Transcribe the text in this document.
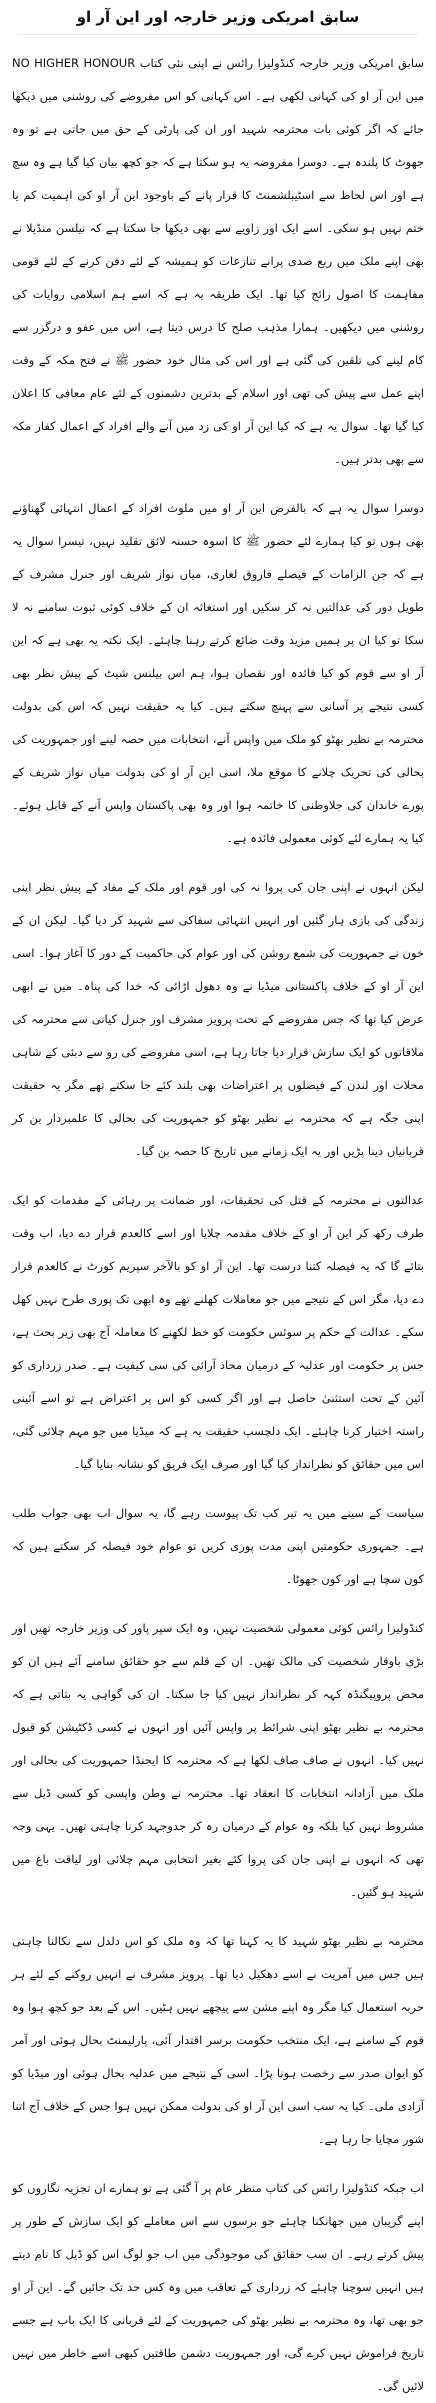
سابق امریکی وزیر خارجہ اور این آر او

سابق امریکی وزیر خارجہ کنڈولیزا رائس نے اپنی نئی کتاب NO HIGHER HONOUR میں این آر او کی کہانی لکھی ہے۔ اس کہانی کو اس مفروضے کی روشنی میں دیکھا جائے کہ اگر کوئی بات محترمہ شہید اور ان کی پارٹی کے حق میں جاتی ہے تو وہ جھوٹ کا پلندہ ہے۔ دوسرا مفروضہ یہ ہو سکتا ہے کہ جو کچھ بیان کیا گیا ہے وہ سچ ہے اور اس لحاظ سے اسٹیبلشمنٹ کا قرار پانے کے باوجود این آر او کی اہمیت کم یا ختم نہیں ہو سکی۔ اسے ایک اور زاویے سے بھی دیکھا جا سکتا ہے کہ نیلسن منڈیلا نے بھی اپنے ملک میں ربع صدی پرانے تنازعات کو ہمیشہ کے لئے دفن کرنے کے لئے قومی مفاہمت کا اصول رائج کیا تھا۔ ایک طریقہ یہ ہے کہ اسے ہم اسلامی روایات کی روشنی میں دیکھیں۔ ہمارا مذہب صلح کا درس دیتا ہے، اس میں عفو و درگزر سے کام لینے کی تلقین کی گئی ہے اور اس کی مثال خود حضور ﷺ نے فتح مکہ کے وقت اپنے عمل سے پیش کی تھی اور اسلام کے بدترین دشمنوں کے لئے عام معافی کا اعلان کیا گیا تھا۔ سوال یہ ہے کہ کیا این آر او کی زد میں آنے والے افراد کے اعمال کفار مکہ سے بھی بدتر ہیں۔

دوسرا سوال یہ ہے کہ بالفرض این آر او میں ملوث افراد کے اعمال انتہائی گھناؤنے بھی ہوں تو کیا ہمارے لئے حضور ﷺ کا اسوہ حسنہ لائق تقلید نہیں، تیسرا سوال یہ ہے کہ جن الزامات کے فیصلے فاروق لغاری، میاں نواز شریف اور جنرل مشرف کے طویل دور کی عدالتیں نہ کر سکیں اور استغاثہ ان کے خلاف کوئی ثبوت سامنے نہ لا سکا تو کیا ان پر ہمیں مزید وقت ضائع کرتے رہنا چاہئے۔ ایک نکتہ یہ بھی ہے کہ این آر او سے قوم کو کیا فائدہ اور نقصان ہوا، ہم اس بیلنس شیٹ کے پیش نظر بھی کسی نتیجے پر آسانی سے پہنچ سکتے ہیں۔ کیا یہ حقیقت نہیں کہ اس کی بدولت محترمہ بے نظیر بھٹو کو ملک میں واپس آنے، انتخابات میں حصہ لینے اور جمہوریت کی بحالی کی تحریک چلانے کا موقع ملا، اسی این آر او کی بدولت میاں نواز شریف کے پورے خاندان کی جلاوطنی کا خاتمہ ہوا اور وہ بھی پاکستان واپس آنے کے قابل ہوئے۔ کیا یہ ہمارے لئے کوئی معمولی فائدہ ہے۔

لیکن انہوں نے اپنی جان کی پروا نہ کی اور قوم اور ملک کے مفاد کے پیش نظر اپنی زندگی کی بازی ہار گئیں اور انہیں انتہائی سفاکی سے شہید کر دیا گیا۔ لیکن ان کے خون نے جمہوریت کی شمع روشن کی اور عوام کی حاکمیت کے دور کا آغاز ہوا۔ اسی این آر او کے خلاف پاکستانی میڈیا نے وہ دھول اڑائی کہ خدا کی پناہ۔ میں نے ابھی عرض کیا تھا کہ جس مفروضے کے تحت پرویز مشرف اور جنرل کیانی سے محترمہ کی ملاقاتوں کو ایک سازش قرار دیا جاتا رہا ہے، اسی مفروضے کی رو سے دبئی کے شاہی محلات اور لندن کے فیصلوں پر اعتراضات بھی بلند کئے جا سکتے تھے مگر یہ حقیقت اپنی جگہ ہے کہ محترمہ بے نظیر بھٹو کو جمہوریت کی بحالی کا علمبردار بن کر قربانیاں دینا پڑیں اور یہ ایک زمانے میں تاریخ کا حصہ بن گیا۔

عدالتوں نے محترمہ کے قتل کی تحقیقات، اور ضمانت پر رہائی کے مقدمات کو ایک طرف رکھ کر این آر او کے خلاف مقدمہ چلایا اور اسے کالعدم قرار دے دیا، اب وقت بتائے گا کہ یہ فیصلہ کتنا درست تھا۔ این آر او کو بالآخر سپریم کورٹ نے کالعدم قرار دے دیا، مگر اس کے نتیجے میں جو معاملات کھلنے تھے وہ ابھی تک پوری طرح نہیں کھل سکے۔ عدالت کے حکم پر سوئس حکومت کو خط لکھنے کا معاملہ آج بھی زیر بحث ہے، جس پر حکومت اور عدلیہ کے درمیان محاذ آرائی کی سی کیفیت ہے۔ صدر زرداری کو آئین کے تحت استثنیٰ حاصل ہے اور اگر کسی کو اس پر اعتراض ہے تو اسے آئینی راستہ اختیار کرنا چاہئے۔ ایک دلچسپ حقیقت یہ ہے کہ میڈیا میں جو مہم چلائی گئی، اس میں حقائق کو نظرانداز کیا گیا اور صرف ایک فریق کو نشانہ بنایا گیا۔

سیاست کے سینے میں یہ تیر کب تک پیوست رہے گا، یہ سوال اب بھی جواب طلب ہے۔ جمہوری حکومتیں اپنی مدت پوری کریں تو عوام خود فیصلہ کر سکتے ہیں کہ کون سچا ہے اور کون جھوٹا۔

کنڈولیزا رائس کوئی معمولی شخصیت نہیں، وہ ایک سپر پاور کی وزیر خارجہ تھیں اور بڑی باوقار شخصیت کی مالک تھیں۔ ان کے قلم سے جو حقائق سامنے آئے ہیں ان کو محض پروپیگنڈہ کہہ کر نظرانداز نہیں کیا جا سکتا۔ ان کی گواہی یہ بتاتی ہے کہ محترمہ بے نظیر بھٹو اپنی شرائط پر واپس آئیں اور انہوں نے کسی ڈکٹیشن کو قبول نہیں کیا۔ انہوں نے صاف صاف لکھا ہے کہ محترمہ کا ایجنڈا جمہوریت کی بحالی اور ملک میں آزادانہ انتخابات کا انعقاد تھا۔ محترمہ نے وطن واپسی کو کسی ڈیل سے مشروط نہیں کیا بلکہ وہ عوام کے درمیان رہ کر جدوجہد کرنا چاہتی تھیں۔ یہی وجہ تھی کہ انہوں نے اپنی جان کی پروا کئے بغیر انتخابی مہم چلائی اور لیاقت باغ میں شہید ہو گئیں۔

محترمہ بے نظیر بھٹو شہید کا یہ کہنا تھا کہ وہ ملک کو اس دلدل سے نکالنا چاہتی ہیں جس میں آمریت نے اسے دھکیل دیا تھا۔ پرویز مشرف نے انہیں روکنے کے لئے ہر حربہ استعمال کیا مگر وہ اپنے مشن سے پیچھے نہیں ہٹیں۔ اس کے بعد جو کچھ ہوا وہ قوم کے سامنے ہے، ایک منتخب حکومت برسر اقتدار آئی، پارلیمنٹ بحال ہوئی اور آمر کو ایوان صدر سے رخصت ہونا پڑا۔ اسی کے نتیجے میں عدلیہ بحال ہوئی اور میڈیا کو آزادی ملی۔ کیا یہ سب اسی این آر او کی بدولت ممکن نہیں ہوا جس کے خلاف آج اتنا شور مچایا جا رہا ہے۔

اب جبکہ کنڈولیزا رائس کی کتاب منظر عام پر آ گئی ہے تو ہمارے ان تجزیہ نگاروں کو اپنے گریبان میں جھانکنا چاہئے جو برسوں سے اس معاملے کو ایک سازش کے طور پر پیش کرتے رہے۔ ان سب حقائق کی موجودگی میں اب جو لوگ اس کو ڈیل کا نام دیتے ہیں انہیں سوچنا چاہئے کہ زرداری کے تعاقب میں وہ کس حد تک جائیں گے۔ این آر او جو بھی تھا، وہ محترمہ بے نظیر بھٹو کی جمہوریت کے لئے قربانی کا ایک باب ہے جسے تاریخ فراموش نہیں کرے گی، اور جمہوریت دشمن طاقتیں کبھی اسے خاطر میں نہیں لائیں گی۔
